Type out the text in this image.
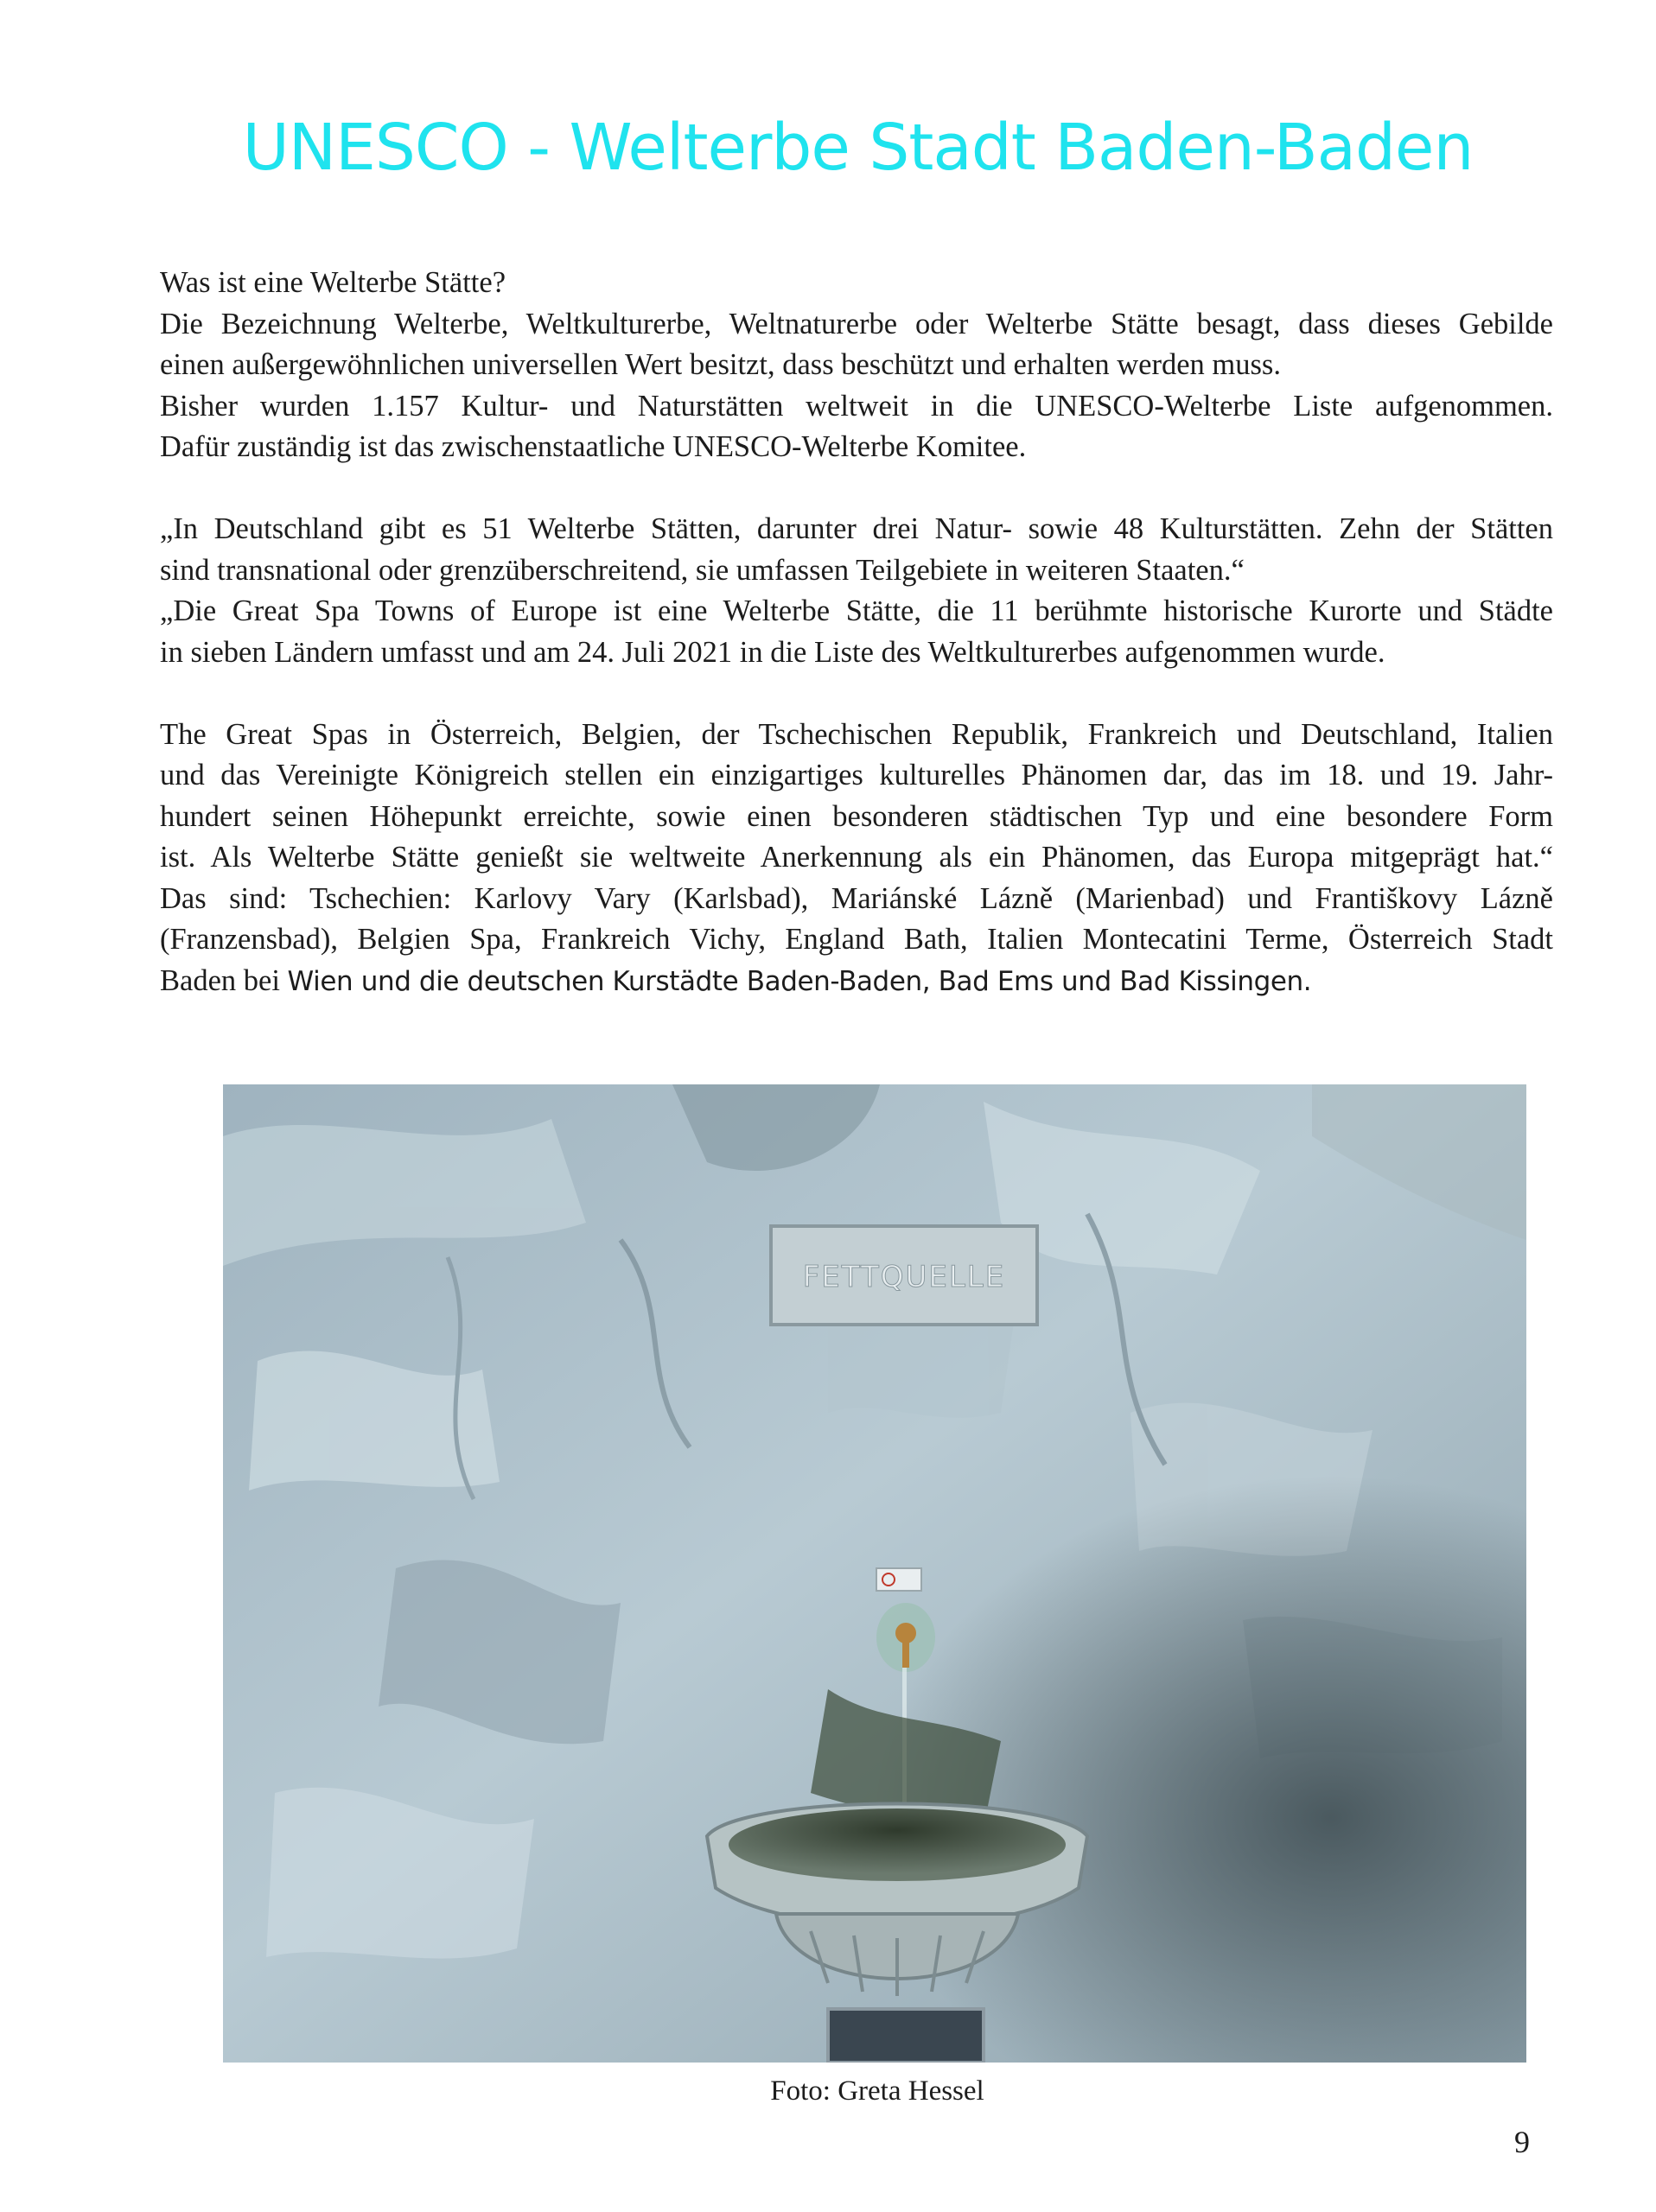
UNESCO - Welterbe Stadt Baden-Baden
Was ist eine Welterbe Stätte?
Die Bezeichnung Welterbe, Weltkulturerbe, Weltnaturerbe oder Welterbe Stätte besagt, dass dieses Gebilde
einen außergewöhnlichen universellen Wert besitzt, dass beschützt und erhalten werden muss.
Bisher wurden 1.157 Kultur- und Naturstätten weltweit in die UNESCO-Welterbe Liste aufgenommen.
Dafür zuständig ist das zwischenstaatliche UNESCO-Welterbe Komitee.
„In Deutschland gibt es 51 Welterbe Stätten, darunter drei Natur- sowie 48 Kulturstätten. Zehn der Stätten
sind transnational oder grenzüberschreitend, sie umfassen Teilgebiete in weiteren Staaten.“
„Die Great Spa Towns of Europe ist eine Welterbe Stätte, die 11 berühmte historische Kurorte und Städte
in sieben Ländern umfasst und am 24. Juli 2021 in die Liste des Weltkulturerbes aufgenommen wurde.
The Great Spas in Österreich, Belgien, der Tschechischen Republik, Frankreich und Deutschland, Italien
und das Vereinigte Königreich stellen ein einzigartiges kulturelles Phänomen dar, das im 18. und 19. Jahr-
hundert seinen Höhepunkt erreichte, sowie einen besonderen städtischen Typ und eine besondere Form
ist. Als Welterbe Stätte genießt sie weltweite Anerkennung als ein Phänomen, das Europa mitgeprägt hat.“
Das sind: Tschechien: Karlovy Vary (Karlsbad), Mariánské Lázně (Marienbad) und Františkovy Lázně
(Franzensbad), Belgien Spa, Frankreich Vichy, England Bath, Italien Montecatini Terme, Österreich Stadt
Baden bei Wien und die deutschen Kurstädte Baden-Baden, Bad Ems und Bad Kissingen.
FETTQUELLE
Foto: Greta Hessel
9
